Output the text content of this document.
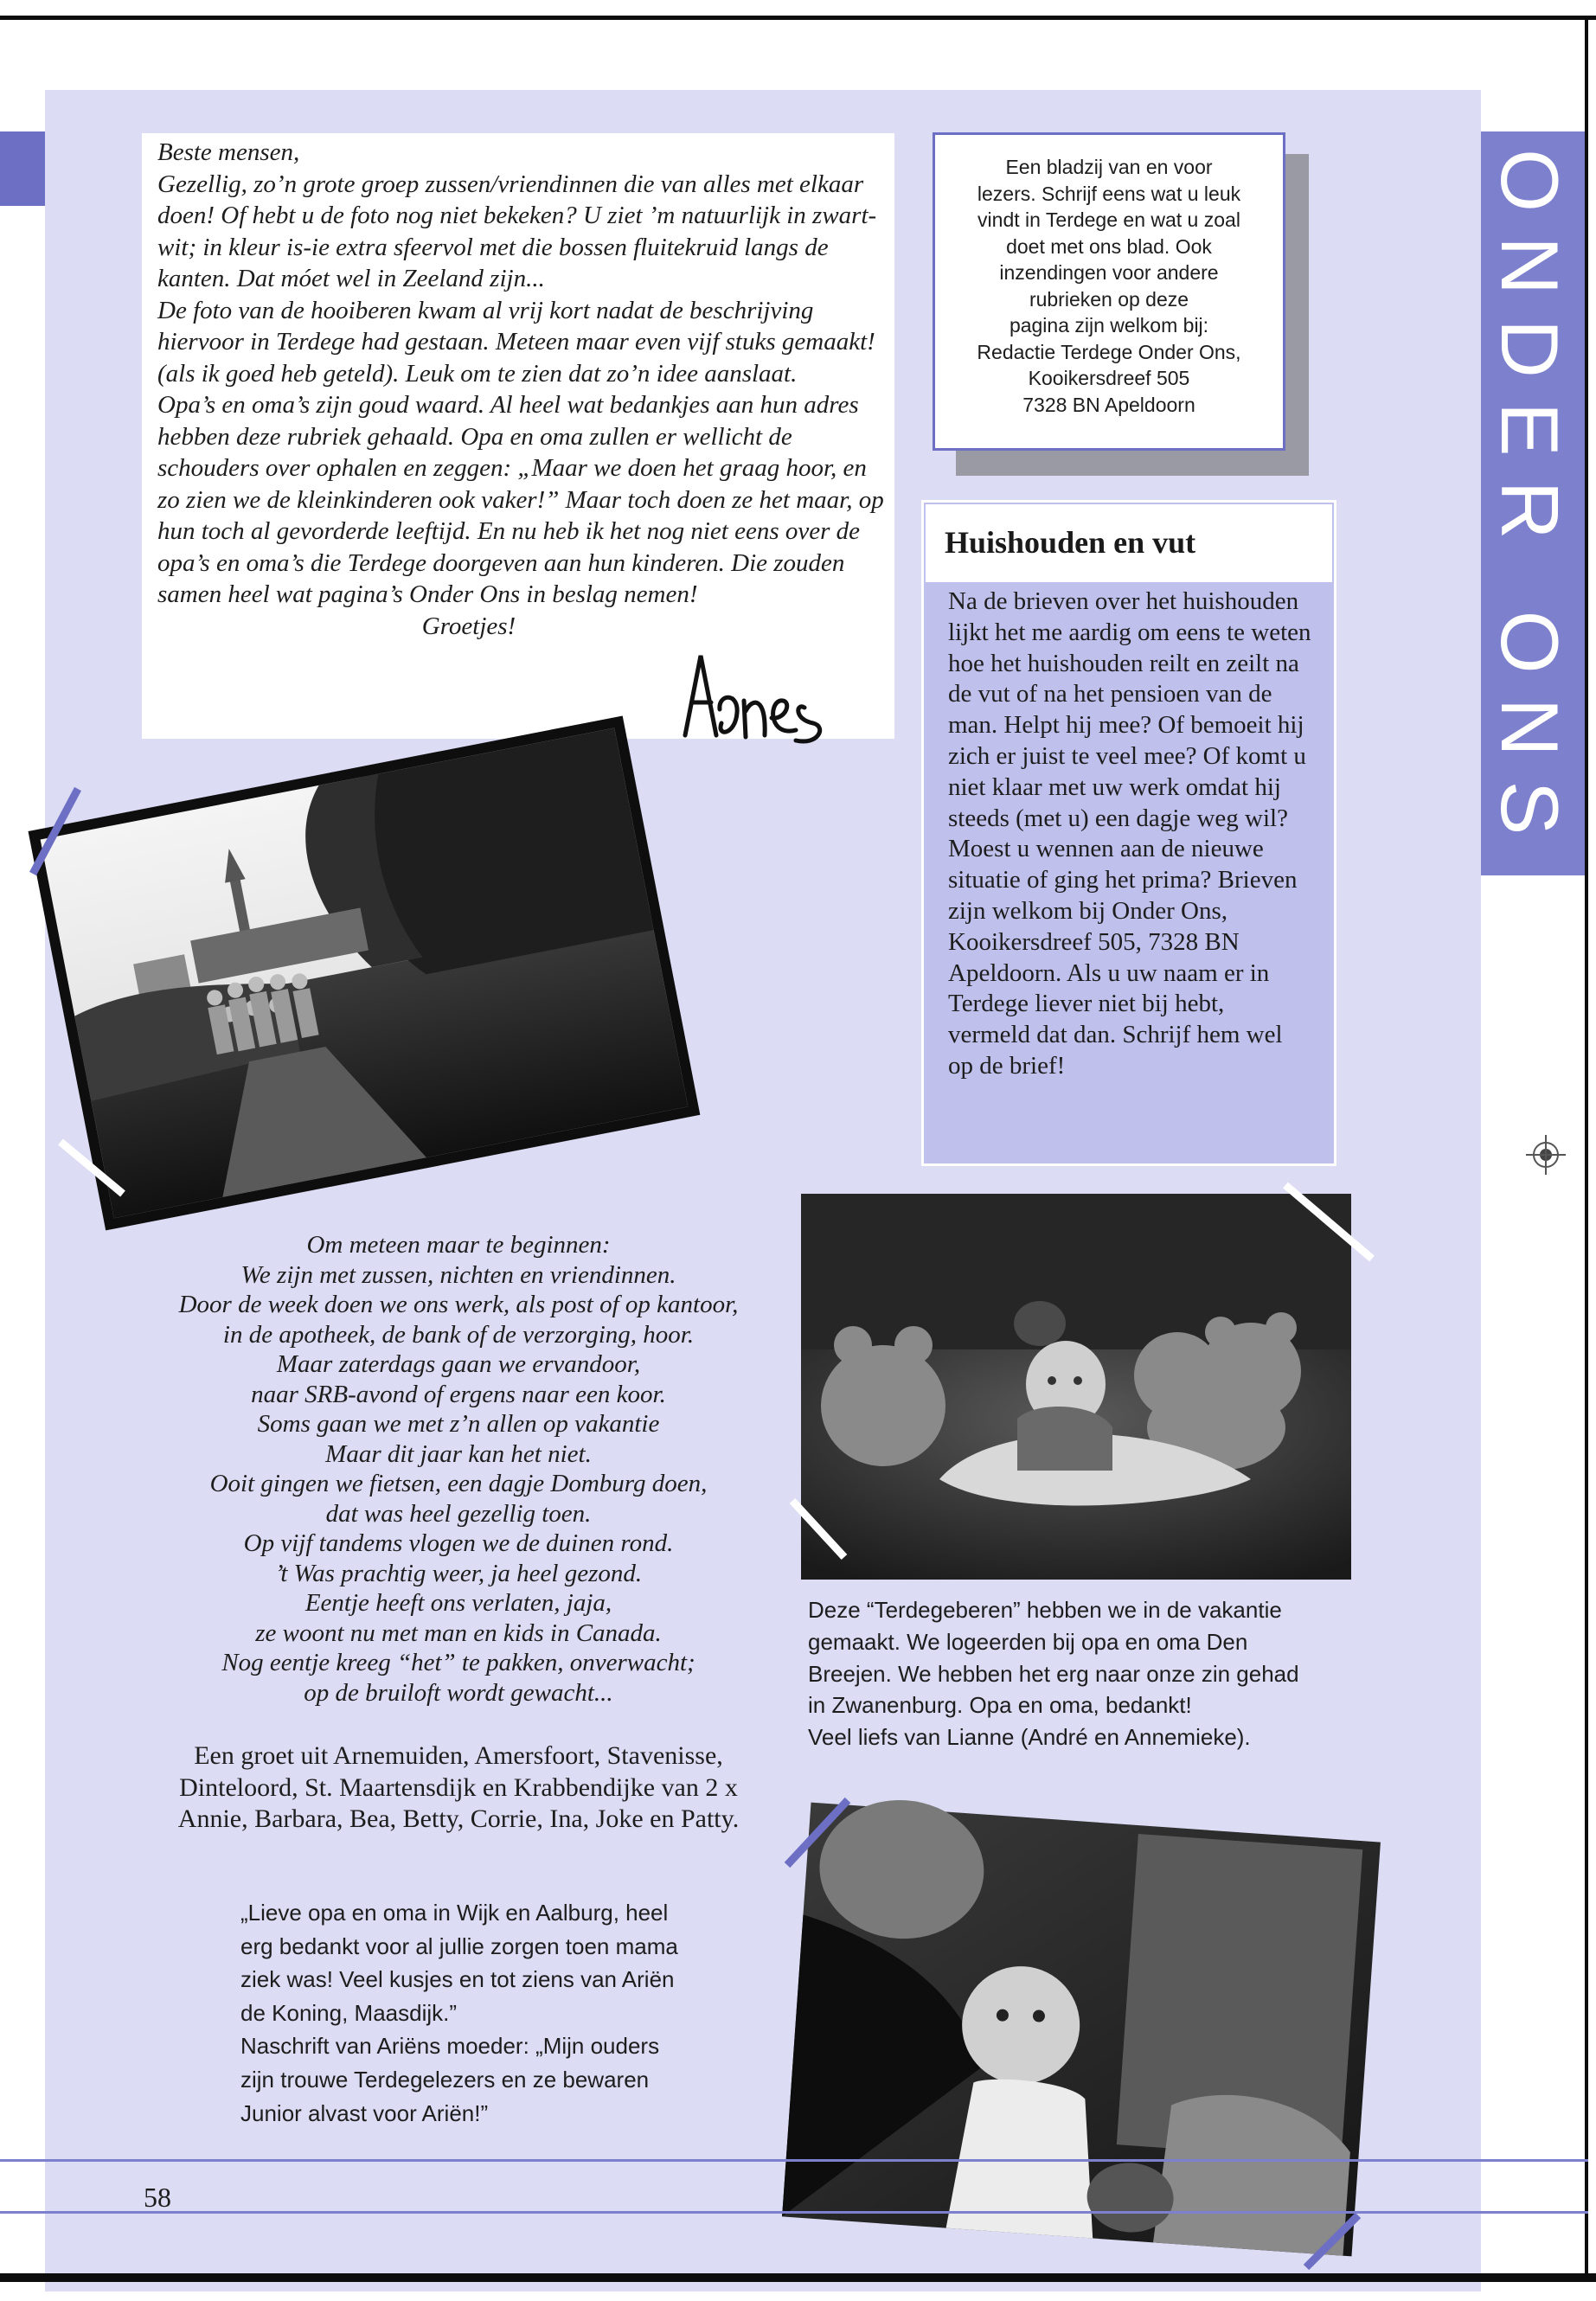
ONDER ONS

Beste mensen,

Gezellig, zo’n grote groep zussen/vriendinnen die van alles met elkaar doen! Of hebt u de foto nog niet bekeken? U ziet ’m natuurlijk in zwart-wit; in kleur is-ie extra sfeervol met die bossen fluitekruid langs de kanten. Dat móet wel in Zeeland zijn...

De foto van de hooiberen kwam al vrij kort nadat de beschrijving hiervoor in Terdege had gestaan. Meteen maar even vijf stuks gemaakt! (als ik goed heb geteld). Leuk om te zien dat zo’n idee aanslaat.

Opa’s en oma’s zijn goud waard. Al heel wat bedankjes aan hun adres hebben deze rubriek gehaald. Opa en oma zullen er wellicht de schouders over ophalen en zeggen: „Maar we doen het graag hoor, en zo zien we de kleinkinderen ook vaker!” Maar toch doen ze het maar, op hun toch al gevorderde leeftijd. En nu heb ik het nog niet eens over de opa’s en oma’s die Terdege doorgeven aan hun kinderen. Die zouden samen heel wat pagina’s Onder Ons in beslag nemen!

Groetjes!

Een bladzij van en voor
lezers. Schrijf eens wat u leuk
vindt in Terdege en wat u zoal
doet met ons blad. Ook
inzendingen voor andere
rubrieken op deze
pagina zijn welkom bij:
Redactie Terdege Onder Ons,
Kooikersdreef 505
7328 BN Apeldoorn
Huishouden en vut
Na de brieven over het huishouden lijkt het me aardig om eens te weten hoe het huishouden reilt en zeilt na de vut of na het pensioen van de man. Helpt hij mee? Of bemoeit hij zich er juist te veel mee? Of komt u niet klaar met uw werk omdat hij steeds (met u) een dagje weg wil? Moest u wennen aan de nieuwe situatie of ging het prima? Brieven zijn welkom bij Onder Ons, Kooikersdreef 505, 7328 BN Apeldoorn. Als u uw naam er in Terdege liever niet bij hebt, vermeld dat dan. Schrijf hem wel op de brief!
Om meteen maar te beginnen:
We zijn met zussen, nichten en vriendinnen.
Door de week doen we ons werk, als post of op kantoor,
in de apotheek, de bank of de verzorging, hoor.
Maar zaterdags gaan we ervandoor,
naar SRB-avond of ergens naar een koor.
Soms gaan we met z’n allen op vakantie
Maar dit jaar kan het niet.
Ooit gingen we fietsen, een dagje Domburg doen,
dat was heel gezellig toen.
Op vijf tandems vlogen we de duinen rond.
’t Was prachtig weer, ja heel gezond.
Eentje heeft ons verlaten, jaja,
ze woont nu met man en kids in Canada.
Nog eentje kreeg “het” te pakken, onverwacht;
op de bruiloft wordt gewacht...
Een groet uit Arnemuiden, Amersfoort, Stavenisse,
Dinteloord, St. Maartensdijk en Krabbendijke van 2 x
Annie, Barbara, Bea, Betty, Corrie, Ina, Joke en Patty.
Deze “Terdegeberen” hebben we in de vakantie
gemaakt. We logeerden bij opa en oma Den
Breejen. We hebben het erg naar onze zin gehad
in Zwanenburg. Opa en oma, bedankt!
Veel liefs van Lianne (André en Annemieke).
„Lieve opa en oma in Wijk en Aalburg, heel
erg bedankt voor al jullie zorgen toen mama
ziek was! Veel kusjes en tot ziens van Ariën
de Koning, Maasdijk.”
Naschrift van Ariëns moeder: „Mijn ouders
zijn trouwe Terdegelezers en ze bewaren
Junior alvast voor Ariën!”
58
